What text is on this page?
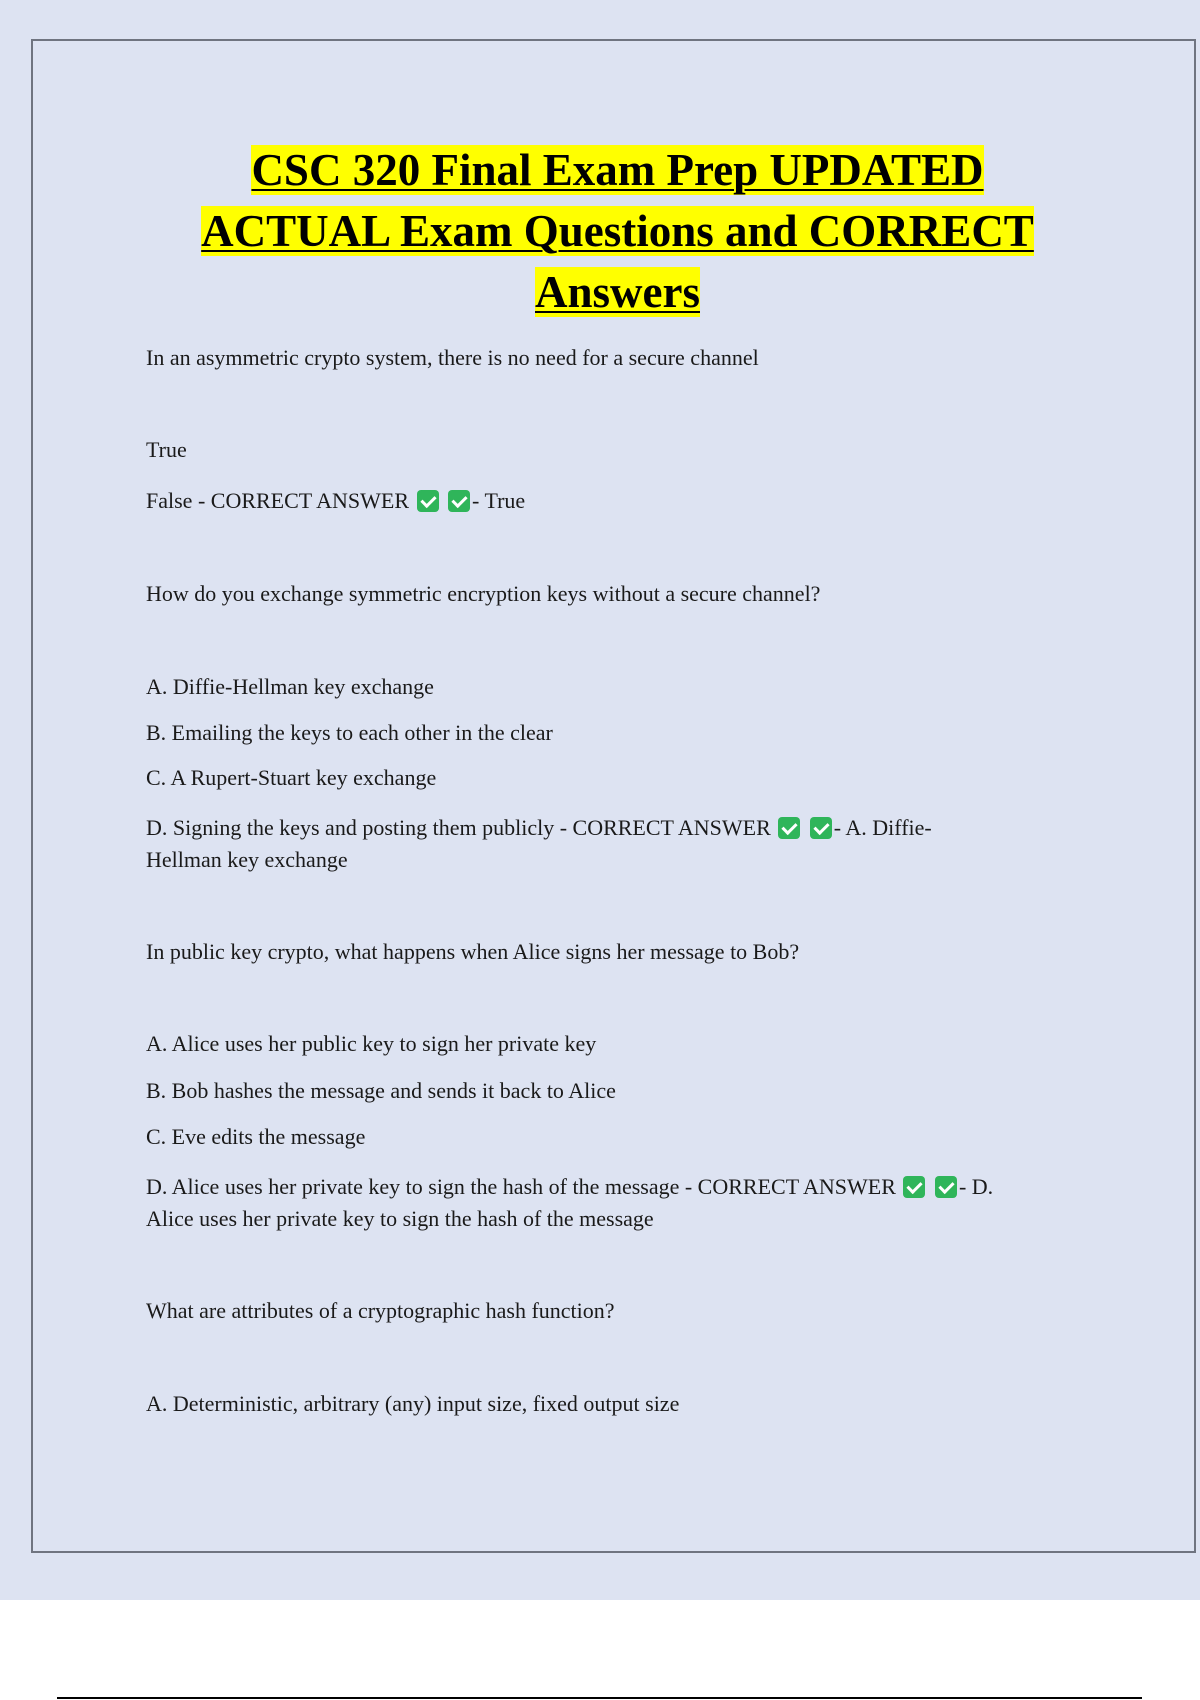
CSC 320 Final Exam Prep UPDATED
ACTUAL Exam Questions and CORRECT
Answers

In an asymmetric crypto system, there is no need for a secure channel

True

False - CORRECT ANSWER	- True

How do you exchange symmetric encryption keys without a secure channel?

A. Diffie-Hellman key exchange

B. Emailing the keys to each other in the clear

C. A Rupert-Stuart key exchange

D. Signing the keys and posting them publicly - CORRECT ANSWER	- A. Diffie-

Hellman key exchange

In public key crypto, what happens when Alice signs her message to Bob?

A. Alice uses her public key to sign her private key

B. Bob hashes the message and sends it back to Alice

C. Eve edits the message

D. Alice uses her private key to sign the hash of the message - CORRECT ANSWER	- D.

Alice uses her private key to sign the hash of the message

What are attributes of a cryptographic hash function?

A. Deterministic, arbitrary (any) input size, fixed output size
